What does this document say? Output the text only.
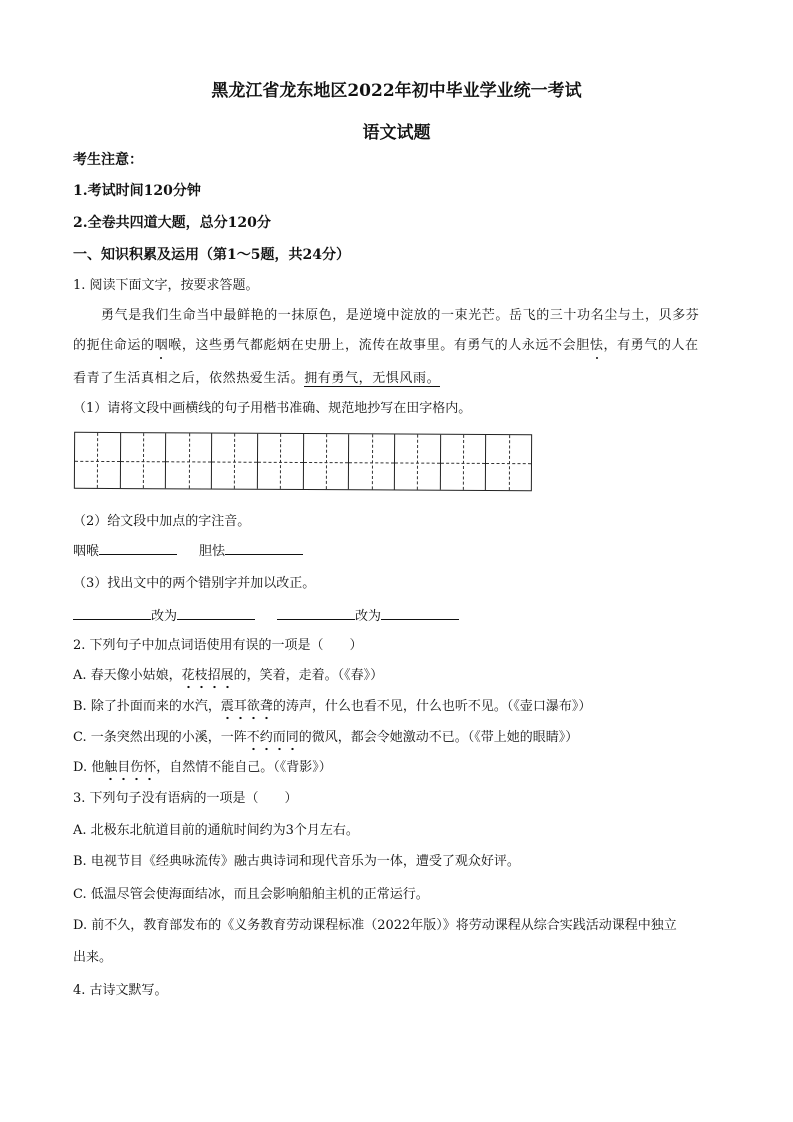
黑龙江省龙东地区2022年初中毕业学业统一考试
语文试题
考生注意：
1.考试时间120分钟
2.全卷共四道大题，总分120分
一、知识积累及运用（第1～5题，共24分）
1. 阅读下面文字，按要求答题。
勇气是我们生命当中最鲜艳的一抹原色，是逆境中淀放的一束光芒。岳飞的三十功名尘与土，贝多芬
的扼住命运的咽喉，这些勇气都彪炳在史册上，流传在故事里。有勇气的人永远不会胆怯，有勇气的人在
看青了生活真相之后，依然热爱生活。拥有勇气，无惧风雨。
（1）请将文段中画横线的句子用楷书准确、规范地抄写在田字格内。
（2）给文段中加点的字注音。
咽喉	胆怯
（3）找出文中的两个错别字并加以改正。
改为	改为
2. 下列句子中加点词语使用有误的一项是（　　）
A. 春天像小姑娘，花枝招展的，笑着，走着。（《春》）
B. 除了扑面而来的水汽，震耳欲聋的涛声，什么也看不见，什么也听不见。（《壶口瀑布》）
C. 一条突然出现的小溪，一阵不约而同的微风，都会令她激动不已。（《带上她的眼睛》）
D. 他触目伤怀，自然情不能自己。（《背影》）
3. 下列句子没有语病的一项是（　　）
A. 北极东北航道目前的通航时间约为3个月左右。
B. 电视节目《经典咏流传》融古典诗词和现代音乐为一体，遭受了观众好评。
C. 低温尽管会使海面结冰，而且会影响船舶主机的正常运行。
D. 前不久，教育部发布的《义务教育劳动课程标准（2022年版）》将劳动课程从综合实践活动课程中独立
出来。
4. 古诗文默写。
